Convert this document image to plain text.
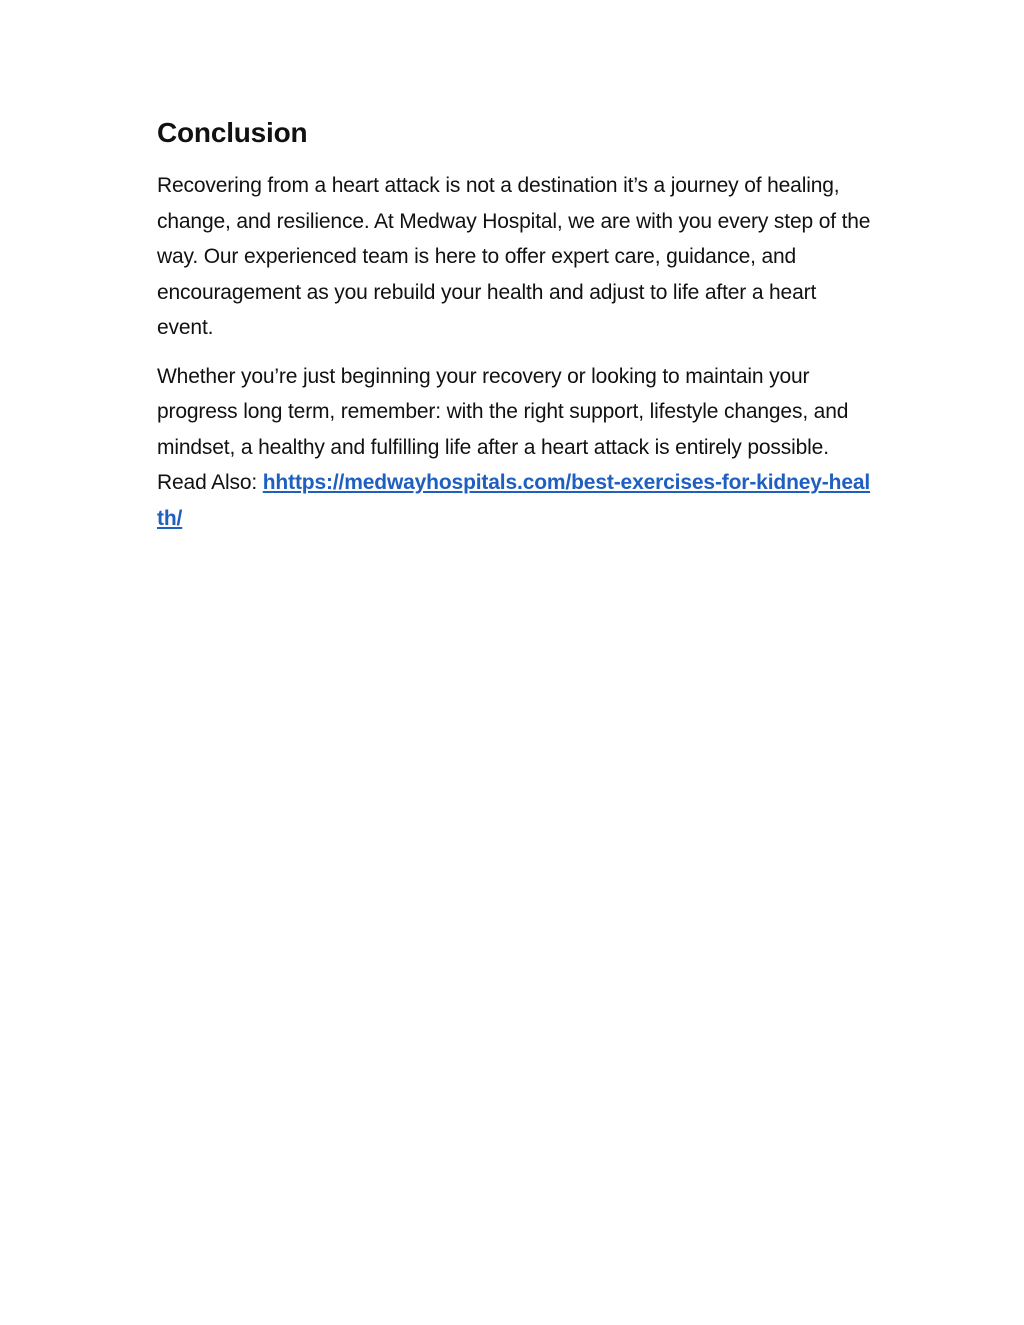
Conclusion

Recovering from a heart attack is not a destination it’s a journey of healing, change, and resilience. At Medway Hospital, we are with you every step of the way. Our experienced team is here to offer expert care, guidance, and encouragement as you rebuild your health and adjust to life after a heart event.

Whether you’re just beginning your recovery or looking to maintain your progress long term, remember: with the right support, lifestyle changes, and mindset, a healthy and fulfilling life after a heart attack is entirely possible. Read Also: hhttps://medwayhospitals.com/best-exercises-for-kidney-health/
